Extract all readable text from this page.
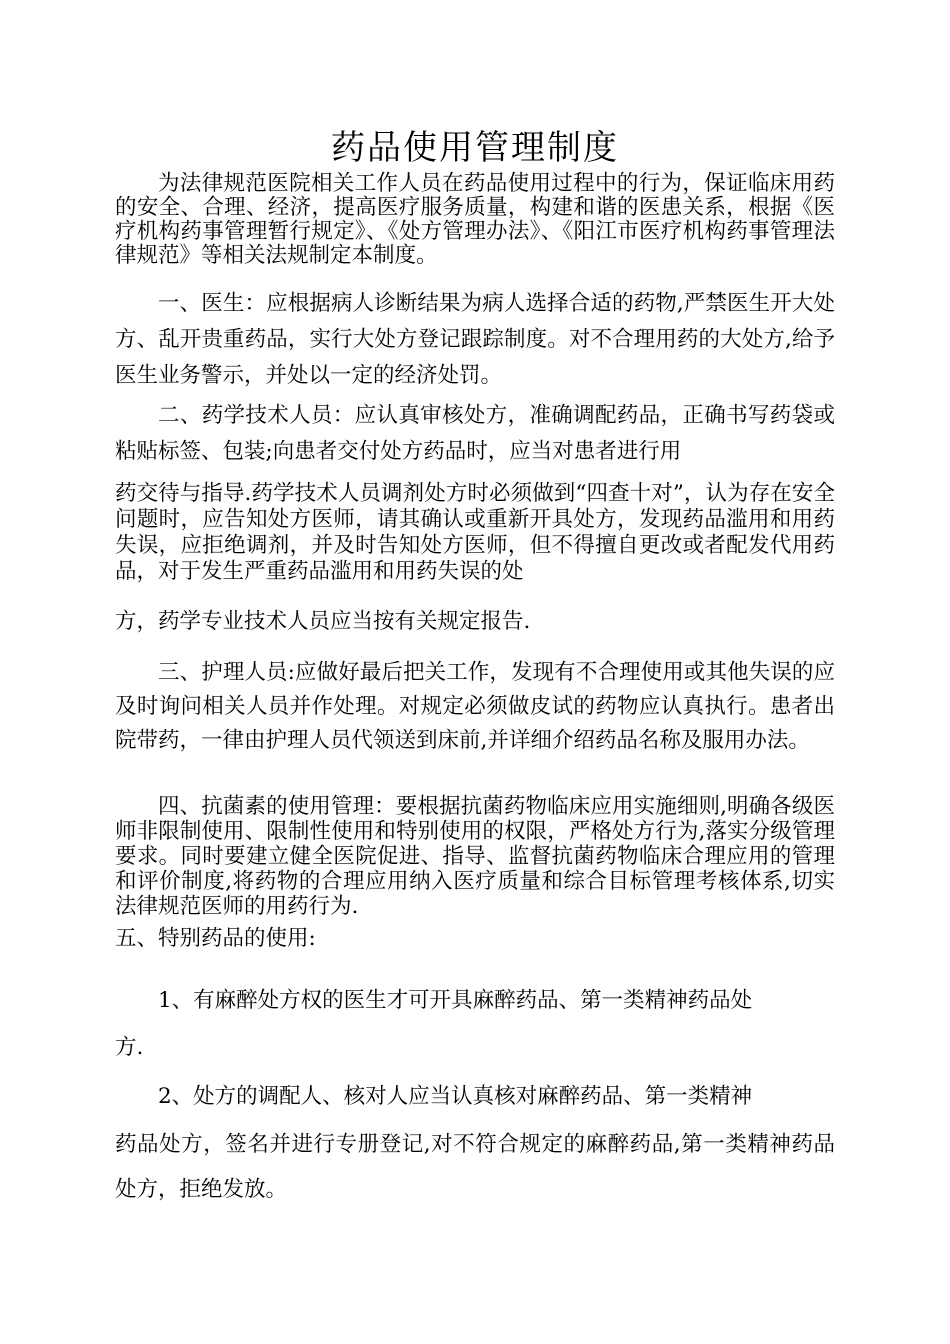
药品使用管理制度

为法律规范医院相关工作人员在药品使用过程中的行为，保证临床用药的安全、合理、经济，提高医疗服务质量，构建和谐的医患关系，根据《医疗机构药事管理暂行规定》、《处方管理办法》、《阳江市医疗机构药事管理法律规范》等相关法规制定本制度。

一、医生：应根据病人诊断结果为病人选择合适的药物,严禁医生开大处方、乱开贵重药品，实行大处方登记跟踪制度。对不合理用药的大处方,给予医生业务警示，并处以一定的经济处罚。

二、药学技术人员：应认真审核处方，准确调配药品，正确书写药袋或粘贴标签、包装;向患者交付处方药品时，应当对患者进行用

药交待与指导.药学技术人员调剂处方时必须做到“四查十对”，认为存在安全问题时，应告知处方医师，请其确认或重新开具处方，发现药品滥用和用药失误，应拒绝调剂，并及时告知处方医师，但不得擅自更改或者配发代用药品，对于发生严重药品滥用和用药失误的处

方，药学专业技术人员应当按有关规定报告.

三、护理人员:应做好最后把关工作，发现有不合理使用或其他失误的应及时询问相关人员并作处理。对规定必须做皮试的药物应认真执行。患者出院带药，一律由护理人员代领送到床前,并详细介绍药品名称及服用办法。

四、抗菌素的使用管理：要根据抗菌药物临床应用实施细则,明确各级医师非限制使用、限制性使用和特别使用的权限，严格处方行为,落实分级管理要求。同时要建立健全医院促进、指导、监督抗菌药物临床合理应用的管理和评价制度,将药物的合理应用纳入医疗质量和综合目标管理考核体系,切实法律规范医师的用药行为.

五、特别药品的使用:

1、有麻醉处方权的医生才可开具麻醉药品、第一类精神药品处

方.

2、处方的调配人、核对人应当认真核对麻醉药品、第一类精神

药品处方，签名并进行专册登记,对不符合规定的麻醉药品,第一类精神药品处方，拒绝发放。
